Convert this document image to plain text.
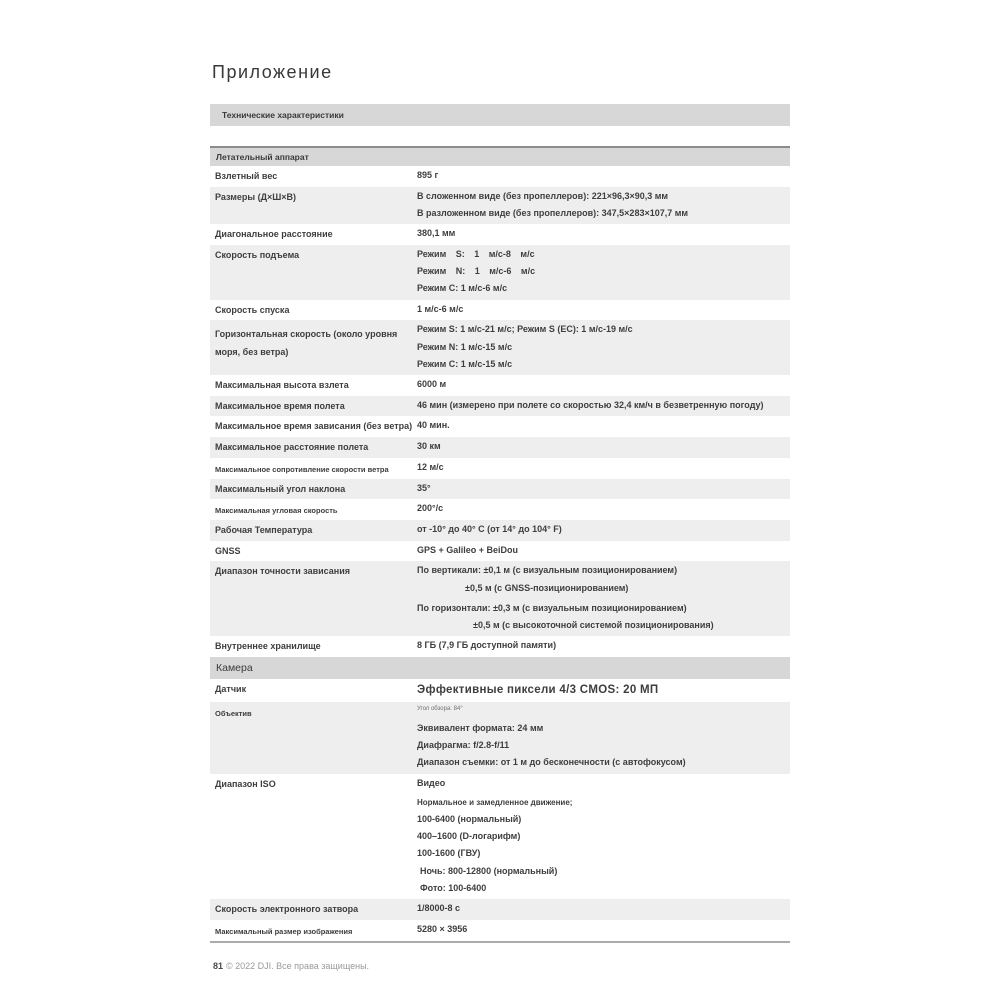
Приложение
Технические характеристики
Летательный аппарат
Взлетный вес	895 г
Размеры (Д×Ш×В)	В сложенном виде (без пропеллеров): 221×96,3×90,3 мм
В разложенном виде (без пропеллеров): 347,5×283×107,7 мм
Диагональное расстояние	380,1 мм
Скорость подъема	Режим S: 1 м/с-8 м/с
Режим N: 1 м/с-6 м/с
Режим C: 1 м/с-6 м/с
Скорость спуска	1 м/с-6 м/с
Горизонтальная скорость (около уровня моря, без ветра)
Режим S: 1 м/с-21 м/с; Режим S (EC): 1 м/с-19 м/с
Режим N: 1 м/с-15 м/с
Режим C: 1 м/с-15 м/с
Максимальная высота взлета	6000 м
Максимальное время полета	46 мин (измерено при полете со скоростью 32,4 км/ч в безветренную погоду)
Максимальное время зависания (без ветра) 40 мин.
Максимальное расстояние полета	30 км
Максимальное сопротивление скорости ветра	12 м/с
Максимальный угол наклона	35°
Максимальная угловая скорость	200°/с
Рабочая Температура	от -10° до 40° C (от 14° до 104° F)
GNSS	GPS + Galileo + BeiDou
Диапазон точности зависания	По вертикали: ±0,1 м (с визуальным позиционированием)
±0,5 м (с GNSS-позиционированием)
По горизонтали: ±0,3 м (с визуальным позиционированием)
±0,5 м (с высокоточной системой позиционирования)
Внутреннее хранилище	8 ГБ (7,9 ГБ доступной памяти)
Камера
Датчик	Эффективные пиксели 4/3 CMOS: 20 МП
Объектив	Угол обзора: 84°
Эквивалент формата: 24 мм
Диафрагма: f/2.8-f/11
Диапазон съемки: от 1 м до бесконечности (с автофокусом)
Диапазон ISO	Видео
Нормальное и замедленное движение;
100-6400 (нормальный)
400–1600 (D-логарифм)
100-1600 (ГВУ)
Ночь: 800-12800 (нормальный)
Фото: 100-6400
Скорость электронного затвора	1/8000-8 с
Максимальный размер изображения	5280 × 3956
81 © 2022 DJI. Все права защищены.
